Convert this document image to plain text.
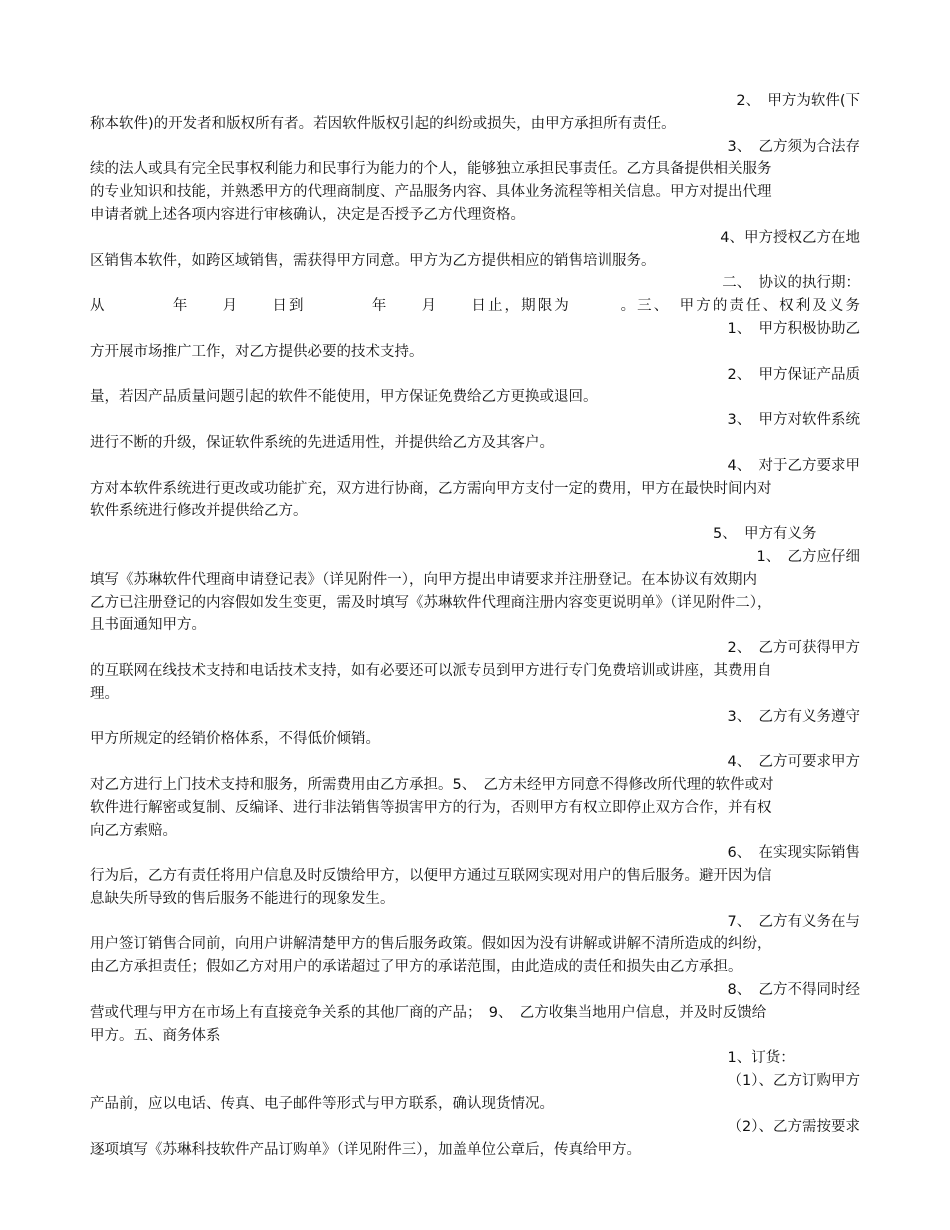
2、　甲方为软件(下
称本软件)的开发者和版权所有者。若因软件版权引起的纠纷或损失，由甲方承担所有责任。
3、　乙方须为合法存
续的法人或具有完全民事权利能力和民事行为能力的个人，能够独立承担民事责任。乙方具备提供相关服务
的专业知识和技能，并熟悉甲方的代理商制度、产品服务内容、具体业务流程等相关信息。甲方对提出代理
申请者就上述各项内容进行审核确认，决定是否授予乙方代理资格。
4、甲方授权乙方在地
区销售本软件，如跨区域销售，需获得甲方同意。甲方为乙方提供相应的销售培训服务。
二、　协议的执行期：
从　　　　年　　月　　日到　　　　年　　月　　日止，期限为　　　。三、　甲方的责任、权利及义务
1、　甲方积极协助乙
方开展市场推广工作，对乙方提供必要的技术支持。
2、　甲方保证产品质
量，若因产品质量问题引起的软件不能使用，甲方保证免费给乙方更换或退回。
3、　甲方对软件系统
进行不断的升级，保证软件系统的先进适用性，并提供给乙方及其客户。
4、　对于乙方要求甲
方对本软件系统进行更改或功能扩充，双方进行协商，乙方需向甲方支付一定的费用，甲方在最快时间内对
软件系统进行修改并提供给乙方。
5、　甲方有义务　　　
1、　乙方应仔细
填写《苏琳软件代理商申请登记表》（详见附件一），向甲方提出申请要求并注册登记。在本协议有效期内
乙方已注册登记的内容假如发生变更，需及时填写《苏琳软件代理商注册内容变更说明单》（详见附件二），
且书面通知甲方。
2、　乙方可获得甲方
的互联网在线技术支持和电话技术支持，如有必要还可以派专员到甲方进行专门免费培训或讲座，其费用自
理。
3、　乙方有义务遵守
甲方所规定的经销价格体系，不得低价倾销。
4、　乙方可要求甲方
对乙方进行上门技术支持和服务，所需费用由乙方承担。5、　乙方未经甲方同意不得修改所代理的软件或对
软件进行解密或复制、反编译、进行非法销售等损害甲方的行为，否则甲方有权立即停止双方合作，并有权
向乙方索赔。
6、　在实现实际销售
行为后，乙方有责任将用户信息及时反馈给甲方，以便甲方通过互联网实现对用户的售后服务。避开因为信
息缺失所导致的售后服务不能进行的现象发生。
7、　乙方有义务在与
用户签订销售合同前，向用户讲解清楚甲方的售后服务政策。假如因为没有讲解或讲解不清所造成的纠纷，
由乙方承担责任；假如乙方对用户的承诺超过了甲方的承诺范围，由此造成的责任和损失由乙方承担。
8、　乙方不得同时经
营或代理与甲方在市场上有直接竞争关系的其他厂商的产品；　9、　乙方收集当地用户信息，并及时反馈给
甲方。五、商务体系
1、订货：　　　　　
（1）、乙方订购甲方
产品前，应以电话、传真、电子邮件等形式与甲方联系，确认现货情况。
（2）、乙方需按要求
逐项填写《苏琳科技软件产品订购单》（详见附件三），加盖单位公章后，传真给甲方。
